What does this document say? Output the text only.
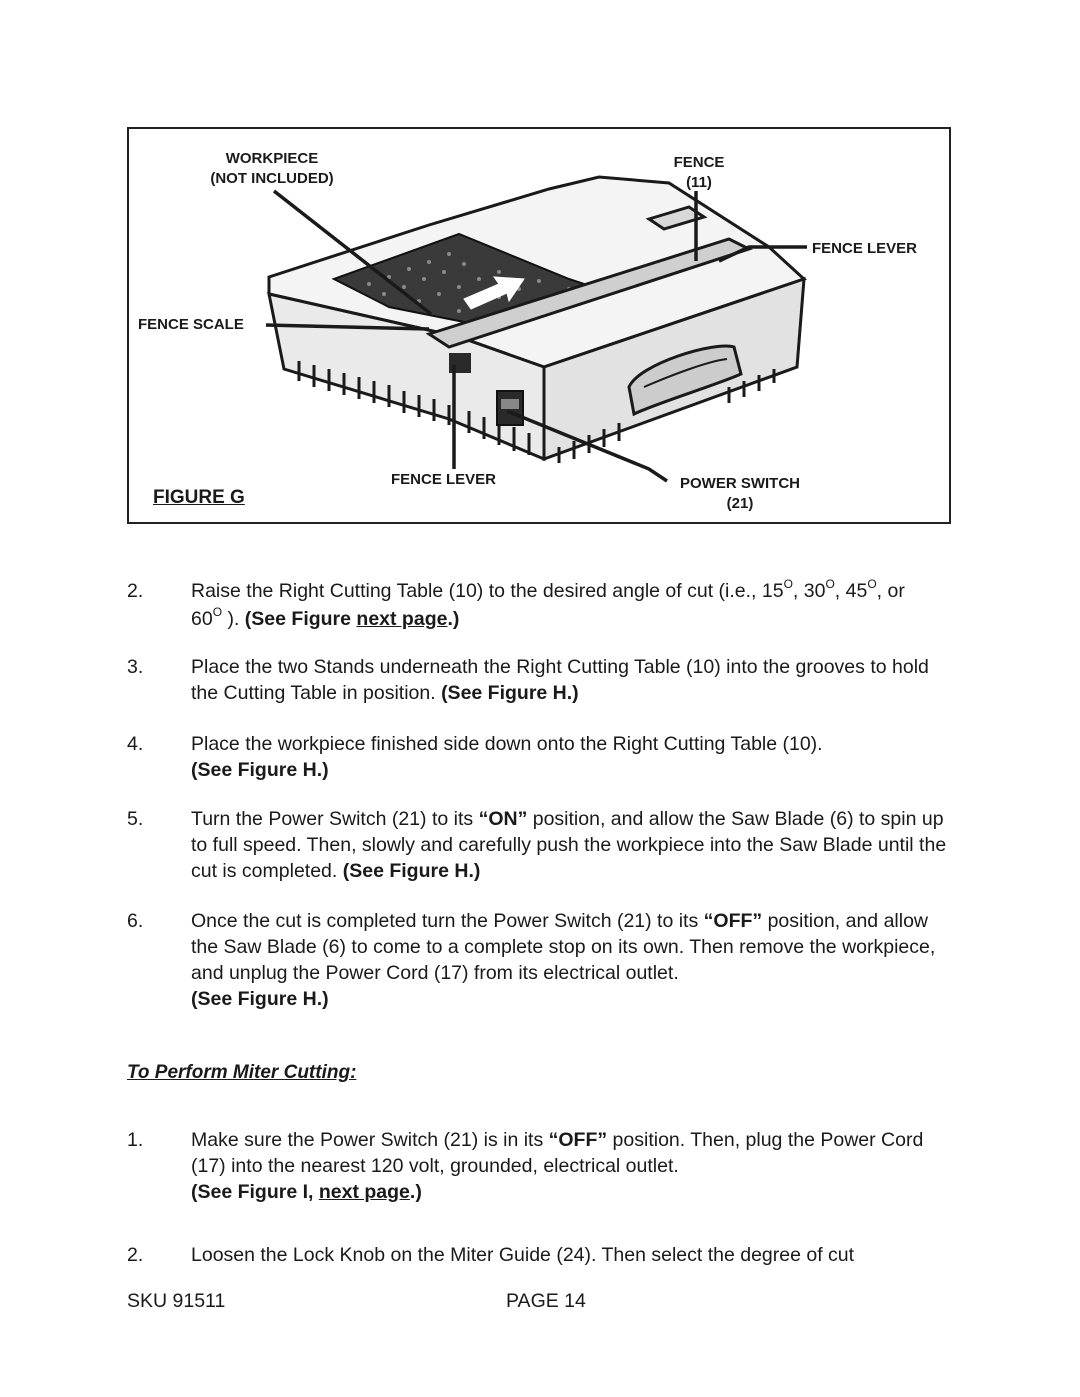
WORKPIECE
(NOT INCLUDED)
FENCE
(11)
FENCE LEVER
FENCE SCALE
FENCE LEVER	POWER SWITCH
(21)
FIGURE G
2. Raise the Right Cutting Table (10) to the desired angle of cut (i.e., $15^O$, $30^O$, $45^O$, or
$60^O$ ). (See Figure next page.)
3. Place the two Stands underneath the Right Cutting Table (10) into the grooves to hold the Cutting Table in position. (See Figure H.)
4. Place the workpiece finished side down onto the Right Cutting Table (10).
(See Figure H.)
5. Turn the Power Switch (21) to its “ON” position, and allow the Saw Blade (6) to spin up to full speed. Then, slowly and carefully push the workpiece into the Saw Blade until the cut is completed. (See Figure H.)
6. Once the cut is completed turn the Power Switch (21) to its “OFF” position, and allow the Saw Blade (6) to come to a complete stop on its own. Then remove the workpiece, and unplug the Power Cord (17) from its electrical outlet.
(See Figure H.)
To Perform Miter Cutting:
1. Make sure the Power Switch (21) is in its “OFF” position. Then, plug the Power Cord (17) into the nearest 120 volt, grounded, electrical outlet.
(See Figure I, next page.)
2. Loosen the Lock Knob on the Miter Guide (24). Then select the degree of cut
SKU 91511	PAGE 14
